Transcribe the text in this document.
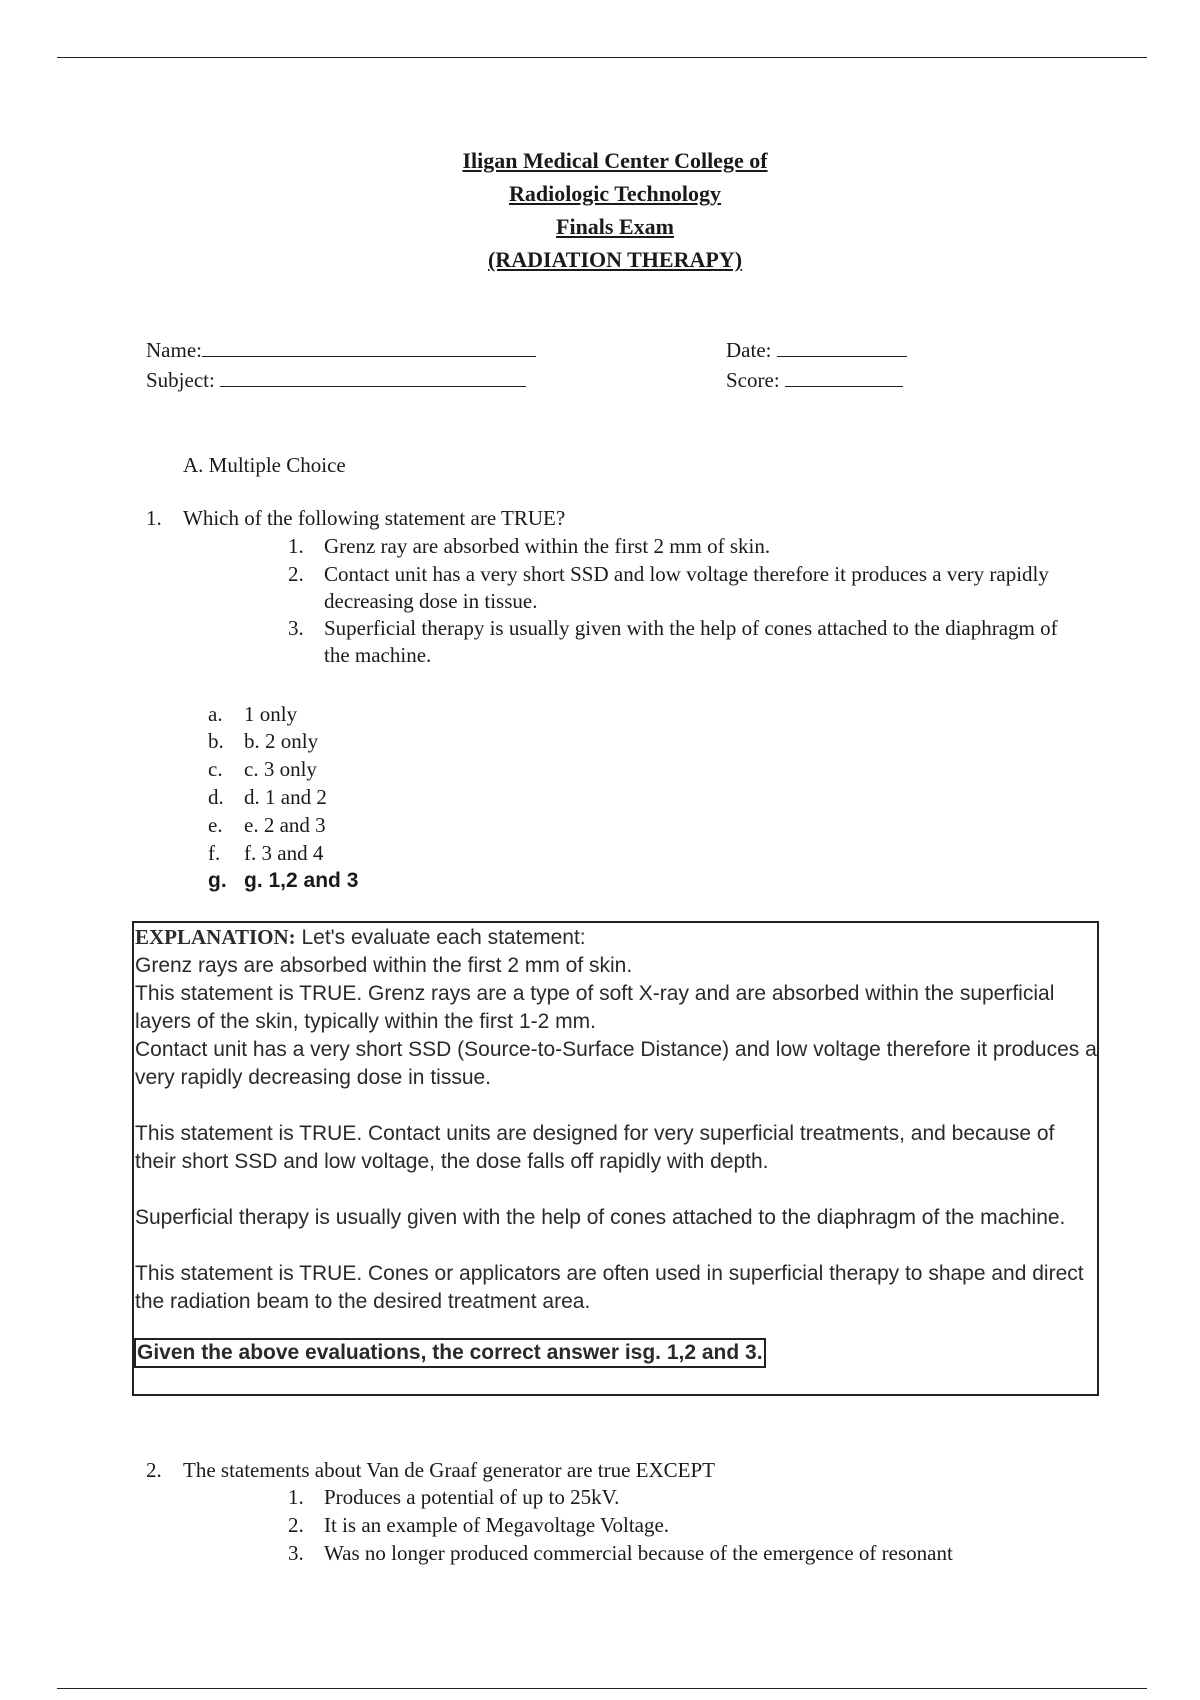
Iligan Medical Center College of
Radiologic Technology
Finals Exam
(RADIATION THERAPY)
Name:
Subject:
Date:
Score:
A. Multiple Choice
1. Which of the following statement are TRUE?
1. Grenz ray are absorbed within the first 2 mm of skin.
2. Contact unit has a very short SSD and low voltage therefore it produces a very rapidly decreasing dose in tissue.
3. Superficial therapy is usually given with the help of cones attached to the diaphragm of the machine.
a. 1 only
b. b. 2 only
c. c. 3 only
d. d. 1 and 2
e. e. 2 and 3
f. f. 3 and 4
g. g. 1,2 and 3

EXPLANATION: Let's evaluate each statement:

Grenz rays are absorbed within the first 2 mm of skin.

This statement is TRUE. Grenz rays are a type of soft X-ray and are absorbed within the superficial layers of the skin, typically within the first 1-2 mm.

Contact unit has a very short SSD (Source-to-Surface Distance) and low voltage therefore it produces a very rapidly decreasing dose in tissue.

This statement is TRUE. Contact units are designed for very superficial treatments, and because of their short SSD and low voltage, the dose falls off rapidly with depth.

Superficial therapy is usually given with the help of cones attached to the diaphragm of the machine.

This statement is TRUE. Cones or applicators are often used in superficial therapy to shape and direct the radiation beam to the desired treatment area.

Given the above evaluations, the correct answer isg. 1,2 and 3.
2. The statements about Van de Graaf generator are true EXCEPT
1. Produces a potential of up to 25kV.
2. It is an example of Megavoltage Voltage.
3. Was no longer produced commercial because of the emergence of resonant
